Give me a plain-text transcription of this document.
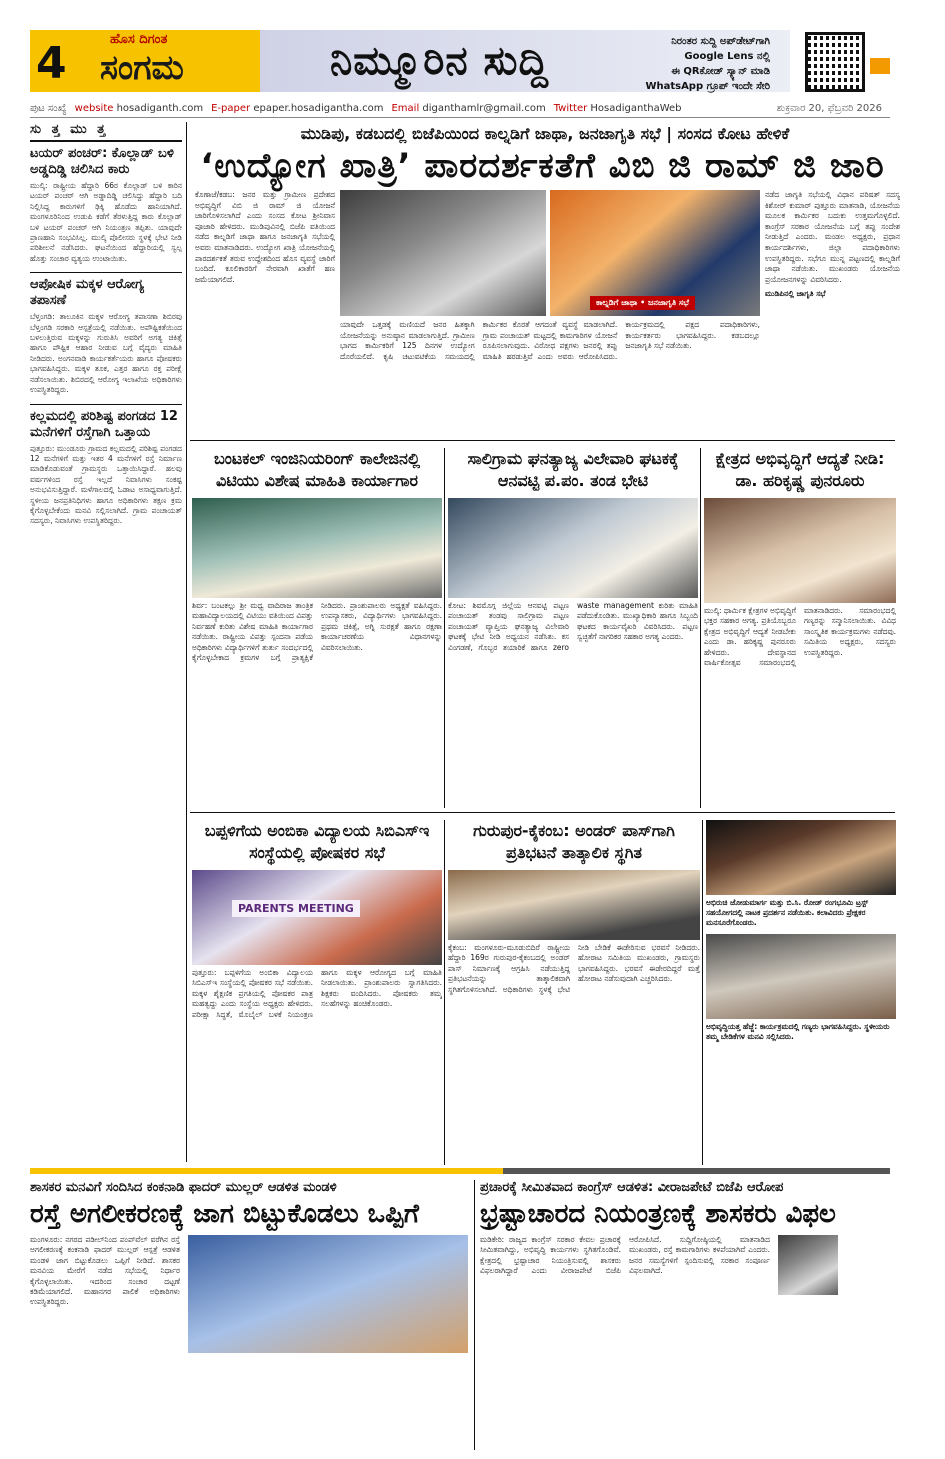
4	ಹೊಸ ದಿಗಂತ
ಸಂಗಮ	ನಿಮ್ಮೂರಿನ ಸುದ್ದಿ	ನಿರಂತರ ಸುದ್ದಿ ಅಪ್‌ಡೇಟ್‌ಗಾಗಿ
Google Lens ನಲ್ಲಿ
ಈ QRಕೋಡ್ ಸ್ಕ್ಯಾನ್ ಮಾಡಿ
WhatsApp ಗ್ರೂಪ್ ಇಂದೇ ಸೇರಿ
ಪುಟ ಸಂಖ್ಯೆ website hosadiganth.com E-paper epaper.hosadigantha.com Email diganthamlr@gmail.com Twitter HosadiganthaWeb	ಶುಕ್ರವಾರ 20, ಫೆಬ್ರವರಿ 2026
ಸು ತ್ತ ಮು ತ್ತ
ಟಯರ್ ಪಂಚರ್: ಕೊಲ್ಲಾಡ್ ಬಳಿ ಅಡ್ಡದಿಡ್ಡಿ ಚಲಿಸಿದ ಕಾರು
ಮುಲ್ಕಿ: ರಾಷ್ಟ್ರೀಯ ಹೆದ್ದಾರಿ 66ರ ಕೊಲ್ಲಾಡ್ ಬಳಿ ಕಾರಿನ ಟಯರ್ ಪಂಚರ್ ಆಗಿ ಅಡ್ಡಾದಿಡ್ಡಿ ಚಲಿಸಿದ್ದು ಹೆದ್ದಾರಿ ಬದಿ ನಿಲ್ಲಿಸಿದ್ದ ಕಾರುಗಳಿಗೆ ಢಿಕ್ಕಿ ಹೊಡೆದು ಹಾನಿಯಾಗಿದೆ. ಮಂಗಳೂರಿನಿಂದ ಉಡುಪಿ ಕಡೆಗೆ ತೆರಳುತ್ತಿದ್ದ ಕಾರು ಕೊಲ್ಲಾಡ್ ಬಳಿ ಟಯರ್ ಪಂಚರ್ ಆಗಿ ನಿಯಂತ್ರಣ ತಪ್ಪಿತು. ಯಾವುದೇ ಪ್ರಾಣಹಾನಿ ಸಂಭವಿಸಿಲ್ಲ. ಮುಲ್ಕಿ ಪೊಲೀಸರು ಸ್ಥಳಕ್ಕೆ ಭೇಟಿ ನೀಡಿ ಪರಿಶೀಲನೆ ನಡೆಸಿದರು. ಘಟನೆಯಿಂದ ಹೆದ್ದಾರಿಯಲ್ಲಿ ಸ್ವಲ್ಪ ಹೊತ್ತು ಸಂಚಾರ ವ್ಯತ್ಯಯ ಉಂಟಾಯಿತು.
ಆಪೋಷಿಕ ಮಕ್ಕಳ ಆರೋಗ್ಯ ತಪಾಸಣೆ
ಬೆಳ್ತಂಗಡಿ: ತಾಲೂಕಿನ ಮಕ್ಕಳ ಆರೋಗ್ಯ ತಪಾಸಣಾ ಶಿಬಿರವು ಬೆಳ್ತಂಗಡಿ ಸರಕಾರಿ ಆಸ್ಪತ್ರೆಯಲ್ಲಿ ನಡೆಯಿತು. ಅಪೌಷ್ಟಿಕತೆಯಿಂದ ಬಳಲುತ್ತಿರುವ ಮಕ್ಕಳನ್ನು ಗುರುತಿಸಿ ಅವರಿಗೆ ಅಗತ್ಯ ಚಿಕಿತ್ಸೆ ಹಾಗೂ ಪೌಷ್ಟಿಕ ಆಹಾರ ನೀಡುವ ಬಗ್ಗೆ ವೈದ್ಯರು ಮಾಹಿತಿ ನೀಡಿದರು. ಅಂಗನವಾಡಿ ಕಾರ್ಯಕರ್ತೆಯರು ಹಾಗೂ ಪೋಷಕರು ಭಾಗವಹಿಸಿದ್ದರು. ಮಕ್ಕಳ ತೂಕ, ಎತ್ತರ ಹಾಗೂ ರಕ್ತ ಪರೀಕ್ಷೆ ನಡೆಸಲಾಯಿತು. ಶಿಬಿರದಲ್ಲಿ ಆರೋಗ್ಯ ಇಲಾಖೆಯ ಅಧಿಕಾರಿಗಳು ಉಪಸ್ಥಿತರಿದ್ದರು.
ಕಲ್ಲಮದಲ್ಲಿ ಪರಿಶಿಷ್ಟ ಪಂಗಡದ 12 ಮನೆಗಳಿಗೆ ರಸ್ತೆಗಾಗಿ ಒತ್ತಾಯ
ಪುತ್ತೂರು: ಮುಂಡೂರು ಗ್ರಾಮದ ಕಲ್ಲಮದಲ್ಲಿ ಪರಿಶಿಷ್ಟ ಪಂಗಡದ 12 ಮನೆಗಳಿಗೆ ಮತ್ತು ಇತರ 4 ಮನೆಗಳಿಗೆ ರಸ್ತೆ ನಿರ್ಮಾಣ ಮಾಡಿಕೊಡುವಂತೆ ಗ್ರಾಮಸ್ಥರು ಒತ್ತಾಯಿಸಿದ್ದಾರೆ. ಹಲವು ವರ್ಷಗಳಿಂದ ರಸ್ತೆ ಇಲ್ಲದೆ ನಿವಾಸಿಗಳು ಸಂಕಷ್ಟ ಅನುಭವಿಸುತ್ತಿದ್ದಾರೆ. ಮಳೆಗಾಲದಲ್ಲಿ ಓಡಾಟ ಅಸಾಧ್ಯವಾಗುತ್ತಿದೆ. ಸ್ಥಳೀಯ ಜನಪ್ರತಿನಿಧಿಗಳು ಹಾಗೂ ಅಧಿಕಾರಿಗಳು ತಕ್ಷಣ ಕ್ರಮ ಕೈಗೊಳ್ಳಬೇಕೆಂದು ಮನವಿ ಸಲ್ಲಿಸಲಾಗಿದೆ. ಗ್ರಾಮ ಪಂಚಾಯತ್ ಸದಸ್ಯರು, ನಿವಾಸಿಗಳು ಉಪಸ್ಥಿತರಿದ್ದರು.
ಮುಡಿಪು, ಕಡಬದಲ್ಲಿ ಬಿಜೆಪಿಯಿಂದ ಕಾಲ್ನಡಿಗೆ ಜಾಥಾ, ಜನಜಾಗೃತಿ ಸಭೆ | ಸಂಸದ ಕೋಟ ಹೇಳಿಕೆ
‘ಉದ್ಯೋಗ ಖಾತ್ರಿ’ ಪಾರದರ್ಶಕತೆಗೆ ವಿಬಿ ಜಿ ರಾಮ್ ಜಿ ಜಾರಿ
ಕೊಣಾಜೆ/ಕಡಬ: ಜನರ ಮತ್ತು ಗ್ರಾಮೀಣ ಪ್ರದೇಶದ ಅಭಿವೃದ್ಧಿಗೆ ವಿಬಿ ಜಿ ರಾಮ್ ಜಿ ಯೋಜನೆ ಜಾರಿಗೊಳಿಸಲಾಗಿದೆ ಎಂದು ಸಂಸದ ಕೋಟ ಶ್ರೀನಿವಾಸ ಪೂಜಾರಿ ಹೇಳಿದರು. ಮುಡಿಪುವಿನಲ್ಲಿ ಬಿಜೆಪಿ ವತಿಯಿಂದ ನಡೆದ ಕಾಲ್ನಡಿಗೆ ಜಾಥಾ ಹಾಗೂ ಜನಜಾಗೃತಿ ಸಭೆಯಲ್ಲಿ ಅವರು ಮಾತನಾಡಿದರು. ಉದ್ಯೋಗ ಖಾತ್ರಿ ಯೋಜನೆಯಲ್ಲಿ ಪಾರದರ್ಶಕತೆ ತರುವ ಉದ್ದೇಶದಿಂದ ಹೊಸ ವ್ಯವಸ್ಥೆ ಜಾರಿಗೆ ಬಂದಿದೆ. ಕೂಲಿಕಾರರಿಗೆ ನೇರವಾಗಿ ಖಾತೆಗೆ ಹಣ ಜಮೆಯಾಗಲಿದೆ.
ಕಾಲ್ನಡಿಗೆ ಜಾಥಾ • ಜನಜಾಗೃತಿ ಸಭೆ
ಯಾವುದೇ ಒತ್ತಡಕ್ಕೆ ಮಣಿಯದೆ ಜನರ ಹಿತಕ್ಕಾಗಿ ಯೋಜನೆಯನ್ನು ಅನುಷ್ಠಾನ ಮಾಡಲಾಗುತ್ತಿದೆ. ಗ್ರಾಮೀಣ ಭಾಗದ ಕಾರ್ಮಿಕರಿಗೆ 125 ದಿನಗಳ ಉದ್ಯೋಗ ದೊರೆಯಲಿದೆ. ಕೃಷಿ ಚಟುವಟಿಕೆಯ ಸಮಯದಲ್ಲಿ ಕಾರ್ಮಿಕರ ಕೊರತೆ ಆಗದಂತೆ ವ್ಯವಸ್ಥೆ ಮಾಡಲಾಗಿದೆ. ಗ್ರಾಮ ಪಂಚಾಯತ್ ಮಟ್ಟದಲ್ಲಿ ಕಾಮಗಾರಿಗಳ ಯೋಜನೆ ರೂಪಿಸಲಾಗುವುದು. ವಿರೋಧ ಪಕ್ಷಗಳು ಜನರಲ್ಲಿ ತಪ್ಪು ಮಾಹಿತಿ ಹರಡುತ್ತಿವೆ ಎಂದು ಅವರು ಆರೋಪಿಸಿದರು. ಕಾರ್ಯಕ್ರಮದಲ್ಲಿ ಪಕ್ಷದ ಪದಾಧಿಕಾರಿಗಳು, ಕಾರ್ಯಕರ್ತರು ಭಾಗವಹಿಸಿದ್ದರು. ಕಡಬದಲ್ಲೂ ಜನಜಾಗೃತಿ ಸಭೆ ನಡೆಯಿತು.
ನಡೆದ ಜಾಗೃತಿ ಸಭೆಯಲ್ಲಿ ವಿಧಾನ ಪರಿಷತ್ ಸದಸ್ಯ ಕಿಶೋರ್ ಕುಮಾರ್ ಪುತ್ತೂರು ಮಾತನಾಡಿ, ಯೋಜನೆಯ ಮೂಲಕ ಕಾರ್ಮಿಕರ ಬದುಕು ಉತ್ತಮಗೊಳ್ಳಲಿದೆ. ಕಾಂಗ್ರೆಸ್ ಸರಕಾರ ಯೋಜನೆಯ ಬಗ್ಗೆ ತಪ್ಪು ಸಂದೇಶ ನೀಡುತ್ತಿದೆ ಎಂದರು. ಮಂಡಲ ಅಧ್ಯಕ್ಷರು, ಪ್ರಧಾನ ಕಾರ್ಯದರ್ಶಿಗಳು, ಜಿಲ್ಲಾ ಪದಾಧಿಕಾರಿಗಳು ಉಪಸ್ಥಿತರಿದ್ದರು. ಸಭೆಗೂ ಮುನ್ನ ಪಟ್ಟಣದಲ್ಲಿ ಕಾಲ್ನಡಿಗೆ ಜಾಥಾ ನಡೆಯಿತು. ಮುಖಂಡರು ಯೋಜನೆಯ ಪ್ರಯೋಜನಗಳನ್ನು ವಿವರಿಸಿದರು.
ಮುಡಿಪಿನಲ್ಲಿ ಜಾಗೃತಿ ಸಭೆ
ಬಂಟಕಲ್ ಇಂಜಿನಿಯರಿಂಗ್ ಕಾಲೇಜಿನಲ್ಲಿ ವಿಟಿಯು ವಿಶೇಷ ಮಾಹಿತಿ ಕಾರ್ಯಾಗಾರ
ಶಿರ್ವ: ಬಂಟಕಲ್ಲು ಶ್ರೀ ಮಧ್ವ ವಾದಿರಾಜ ತಾಂತ್ರಿಕ ಮಹಾವಿದ್ಯಾಲಯದಲ್ಲಿ ವಿಟಿಯು ವತಿಯಿಂದ ವಿಪತ್ತು ನಿರ್ವಹಣೆ ಕುರಿತು ವಿಶೇಷ ಮಾಹಿತಿ ಕಾರ್ಯಾಗಾರ ನಡೆಯಿತು. ರಾಷ್ಟ್ರೀಯ ವಿಪತ್ತು ಸ್ಪಂದನಾ ಪಡೆಯ ಅಧಿಕಾರಿಗಳು ವಿದ್ಯಾರ್ಥಿಗಳಿಗೆ ತುರ್ತು ಸಂದರ್ಭದಲ್ಲಿ ಕೈಗೊಳ್ಳಬೇಕಾದ ಕ್ರಮಗಳ ಬಗ್ಗೆ ಪ್ರಾತ್ಯಕ್ಷಿಕೆ ನೀಡಿದರು. ಪ್ರಾಂಶುಪಾಲರು ಅಧ್ಯಕ್ಷತೆ ವಹಿಸಿದ್ದರು. ಉಪನ್ಯಾಸಕರು, ವಿದ್ಯಾರ್ಥಿಗಳು ಭಾಗವಹಿಸಿದ್ದರು. ಪ್ರಥಮ ಚಿಕಿತ್ಸೆ, ಅಗ್ನಿ ಸುರಕ್ಷತೆ ಹಾಗೂ ರಕ್ಷಣಾ ಕಾರ್ಯಾಚರಣೆಯ ವಿಧಾನಗಳನ್ನು ವಿವರಿಸಲಾಯಿತು.
ಸಾಲಿಗ್ರಾಮ ಘನತ್ಯಾಜ್ಯ ವಿಲೇವಾರಿ ಘಟಕಕ್ಕೆ ಆನವಟ್ಟಿ ಪ.ಪಂ. ತಂಡ ಭೇಟಿ
ಕೋಟ: ಶಿವಮೊಗ್ಗ ಜಿಲ್ಲೆಯ ಆನವಟ್ಟಿ ಪಟ್ಟಣ ಪಂಚಾಯತ್ ತಂಡವು ಸಾಲಿಗ್ರಾಮ ಪಟ್ಟಣ ಪಂಚಾಯತ್ ವ್ಯಾಪ್ತಿಯ ಘನತ್ಯಾಜ್ಯ ವಿಲೇವಾರಿ ಘಟಕಕ್ಕೆ ಭೇಟಿ ನೀಡಿ ಅಧ್ಯಯನ ನಡೆಸಿತು. ಕಸ ವಿಂಗಡಣೆ, ಗೊಬ್ಬರ ತಯಾರಿಕೆ ಹಾಗೂ zero waste management ಕುರಿತು ಮಾಹಿತಿ ಪಡೆದುಕೊಂಡಿತು. ಮುಖ್ಯಾಧಿಕಾರಿ ಹಾಗೂ ಸಿಬ್ಬಂದಿ ಘಟಕದ ಕಾರ್ಯವೈಖರಿ ವಿವರಿಸಿದರು. ಪಟ್ಟಣ ಸ್ವಚ್ಛತೆಗೆ ನಾಗರಿಕರ ಸಹಕಾರ ಅಗತ್ಯ ಎಂದರು.
ಕ್ಷೇತ್ರದ ಅಭಿವೃದ್ಧಿಗೆ ಆದ್ಯತೆ ನೀಡಿ: ಡಾ. ಹರಿಕೃಷ್ಣ ಪುನರೂರು
ಮುಲ್ಕಿ: ಧಾರ್ಮಿಕ ಕ್ಷೇತ್ರಗಳ ಅಭಿವೃದ್ಧಿಗೆ ಭಕ್ತರ ಸಹಕಾರ ಅಗತ್ಯ. ಪ್ರತಿಯೊಬ್ಬರೂ ಕ್ಷೇತ್ರದ ಅಭಿವೃದ್ಧಿಗೆ ಆದ್ಯತೆ ನೀಡಬೇಕು ಎಂದು ಡಾ. ಹರಿಕೃಷ್ಣ ಪುನರೂರು ಹೇಳಿದರು. ದೇವಸ್ಥಾನದ ವಾರ್ಷಿಕೋತ್ಸವ ಸಮಾರಂಭದಲ್ಲಿ ಮಾತನಾಡಿದರು. ಸಮಾರಂಭದಲ್ಲಿ ಗಣ್ಯರನ್ನು ಸನ್ಮಾನಿಸಲಾಯಿತು. ವಿವಿಧ ಸಾಂಸ್ಕೃತಿಕ ಕಾರ್ಯಕ್ರಮಗಳು ನಡೆದವು. ಸಮಿತಿಯ ಅಧ್ಯಕ್ಷರು, ಸದಸ್ಯರು ಉಪಸ್ಥಿತರಿದ್ದರು.
ಬಪ್ಪಳಿಗೆಯ ಅಂಬಿಕಾ ವಿದ್ಯಾಲಯ ಸಿಬಿಎಸ್‌ಇ ಸಂಸ್ಥೆಯಲ್ಲಿ ಪೋಷಕರ ಸಭೆ
PARENTS MEETING
ಪುತ್ತೂರು: ಬಪ್ಪಳಿಗೆಯ ಅಂಬಿಕಾ ವಿದ್ಯಾಲಯ ಸಿಬಿಎಸ್‌ಇ ಸಂಸ್ಥೆಯಲ್ಲಿ ಪೋಷಕರ ಸಭೆ ನಡೆಯಿತು. ಮಕ್ಕಳ ಶೈಕ್ಷಣಿಕ ಪ್ರಗತಿಯಲ್ಲಿ ಪೋಷಕರ ಪಾತ್ರ ಮಹತ್ವದ್ದು ಎಂದು ಸಂಸ್ಥೆಯ ಅಧ್ಯಕ್ಷರು ಹೇಳಿದರು. ಪರೀಕ್ಷಾ ಸಿದ್ಧತೆ, ಮೊಬೈಲ್ ಬಳಕೆ ನಿಯಂತ್ರಣ ಹಾಗೂ ಮಕ್ಕಳ ಆರೋಗ್ಯದ ಬಗ್ಗೆ ಮಾಹಿತಿ ನೀಡಲಾಯಿತು. ಪ್ರಾಂಶುಪಾಲರು ಸ್ವಾಗತಿಸಿದರು. ಶಿಕ್ಷಕರು ವಂದಿಸಿದರು. ಪೋಷಕರು ತಮ್ಮ ಸಲಹೆಗಳನ್ನು ಹಂಚಿಕೊಂಡರು.
ಗುರುಪುರ-ಕೈಕಂಬ: ಅಂಡರ್ ಪಾಸ್‌ಗಾಗಿ ಪ್ರತಿಭಟನೆ ತಾತ್ಕಾಲಿಕ ಸ್ಥಗಿತ
ಕೈಕಂಬ: ಮಂಗಳೂರು-ಮೂಡುಬಿದಿರೆ ರಾಷ್ಟ್ರೀಯ ಹೆದ್ದಾರಿ 169ರ ಗುರುಪುರ-ಕೈಕಂಬದಲ್ಲಿ ಅಂಡರ್ ಪಾಸ್ ನಿರ್ಮಾಣಕ್ಕೆ ಆಗ್ರಹಿಸಿ ನಡೆಯುತ್ತಿದ್ದ ಪ್ರತಿಭಟನೆಯನ್ನು ತಾತ್ಕಾಲಿಕವಾಗಿ ಸ್ಥಗಿತಗೊಳಿಸಲಾಗಿದೆ. ಅಧಿಕಾರಿಗಳು ಸ್ಥಳಕ್ಕೆ ಭೇಟಿ ನೀಡಿ ಬೇಡಿಕೆ ಈಡೇರಿಸುವ ಭರವಸೆ ನೀಡಿದರು. ಹೋರಾಟ ಸಮಿತಿಯ ಮುಖಂಡರು, ಗ್ರಾಮಸ್ಥರು ಭಾಗವಹಿಸಿದ್ದರು. ಭರವಸೆ ಈಡೇರದಿದ್ದರೆ ಮತ್ತೆ ಹೋರಾಟ ನಡೆಸುವುದಾಗಿ ಎಚ್ಚರಿಸಿದರು.
ಅಭಿರುಚಿ ಜೋಡುಮಾರ್ಗ ಮತ್ತು ಬಿ.ಸಿ. ರೋಡ್ ರಂಗಭೂಮಿ ಟ್ರಸ್ಟ್ ಸಹಯೋಗದಲ್ಲಿ ನಾಟಕ ಪ್ರದರ್ಶನ ನಡೆಯಿತು. ಕಲಾವಿದರು ಪ್ರೇಕ್ಷಕರ ಮನಸೂರೆಗೊಂಡರು.
ಅಭಿವೃದ್ಧಿಯತ್ತ ಹೆಜ್ಜೆ: ಕಾರ್ಯಕ್ರಮದಲ್ಲಿ ಗಣ್ಯರು ಭಾಗವಹಿಸಿದ್ದರು. ಸ್ಥಳೀಯರು ತಮ್ಮ ಬೇಡಿಕೆಗಳ ಮನವಿ ಸಲ್ಲಿಸಿದರು.
ಶಾಸಕರ ಮನವಿಗೆ ಸಂದಿಸಿದ ಕಂಕನಾಡಿ ಫಾದರ್ ಮುಲ್ಲರ್ ಆಡಳಿತ ಮಂಡಳಿ
ರಸ್ತೆ ಅಗಲೀಕರಣಕ್ಕೆ ಜಾಗ ಬಿಟ್ಟುಕೊಡಲು ಒಪ್ಪಿಗೆ
ಮಂಗಳೂರು: ನಗರದ ಪಡೀಲ್‌ನಿಂದ ಪಂಪ್‌ವೆಲ್ ವರೆಗಿನ ರಸ್ತೆ ಅಗಲೀಕರಣಕ್ಕೆ ಕಂಕನಾಡಿ ಫಾದರ್ ಮುಲ್ಲರ್ ಆಸ್ಪತ್ರೆ ಆಡಳಿತ ಮಂಡಳಿ ಜಾಗ ಬಿಟ್ಟುಕೊಡಲು ಒಪ್ಪಿಗೆ ನೀಡಿದೆ. ಶಾಸಕರ ಮನವಿಯ ಮೇರೆಗೆ ನಡೆದ ಸಭೆಯಲ್ಲಿ ನಿರ್ಧಾರ ಕೈಗೊಳ್ಳಲಾಯಿತು. ಇದರಿಂದ ಸಂಚಾರ ದಟ್ಟಣೆ ಕಡಿಮೆಯಾಗಲಿದೆ. ಮಹಾನಗರ ಪಾಲಿಕೆ ಅಧಿಕಾರಿಗಳು ಉಪಸ್ಥಿತರಿದ್ದರು.
ಪ್ರಚಾರಕ್ಕೆ ಸೀಮಿತವಾದ ಕಾಂಗ್ರೆಸ್ ಆಡಳಿತ: ವೀರಾಜಪೇಟೆ ಬಿಜೆಪಿ ಆರೋಪ
ಭ್ರಷ್ಟಾಚಾರದ ನಿಯಂತ್ರಣಕ್ಕೆ ಶಾಸಕರು ವಿಫಲ
ಮಡಿಕೇರಿ: ರಾಜ್ಯದ ಕಾಂಗ್ರೆಸ್ ಸರಕಾರ ಕೇವಲ ಪ್ರಚಾರಕ್ಕೆ ಸೀಮಿತವಾಗಿದ್ದು, ಅಭಿವೃದ್ಧಿ ಕಾರ್ಯಗಳು ಸ್ಥಗಿತಗೊಂಡಿವೆ. ಕ್ಷೇತ್ರದಲ್ಲಿ ಭ್ರಷ್ಟಾಚಾರ ನಿಯಂತ್ರಿಸುವಲ್ಲಿ ಶಾಸಕರು ವಿಫಲರಾಗಿದ್ದಾರೆ ಎಂದು ವೀರಾಜಪೇಟೆ ಬಿಜೆಪಿ ಆರೋಪಿಸಿದೆ. ಸುದ್ದಿಗೋಷ್ಠಿಯಲ್ಲಿ ಮಾತನಾಡಿದ ಮುಖಂಡರು, ರಸ್ತೆ ಕಾಮಗಾರಿಗಳು ಕಳಪೆಯಾಗಿವೆ ಎಂದರು. ಜನರ ಸಮಸ್ಯೆಗಳಿಗೆ ಸ್ಪಂದಿಸುವಲ್ಲಿ ಸರಕಾರ ಸಂಪೂರ್ಣ ವಿಫಲವಾಗಿದೆ.
